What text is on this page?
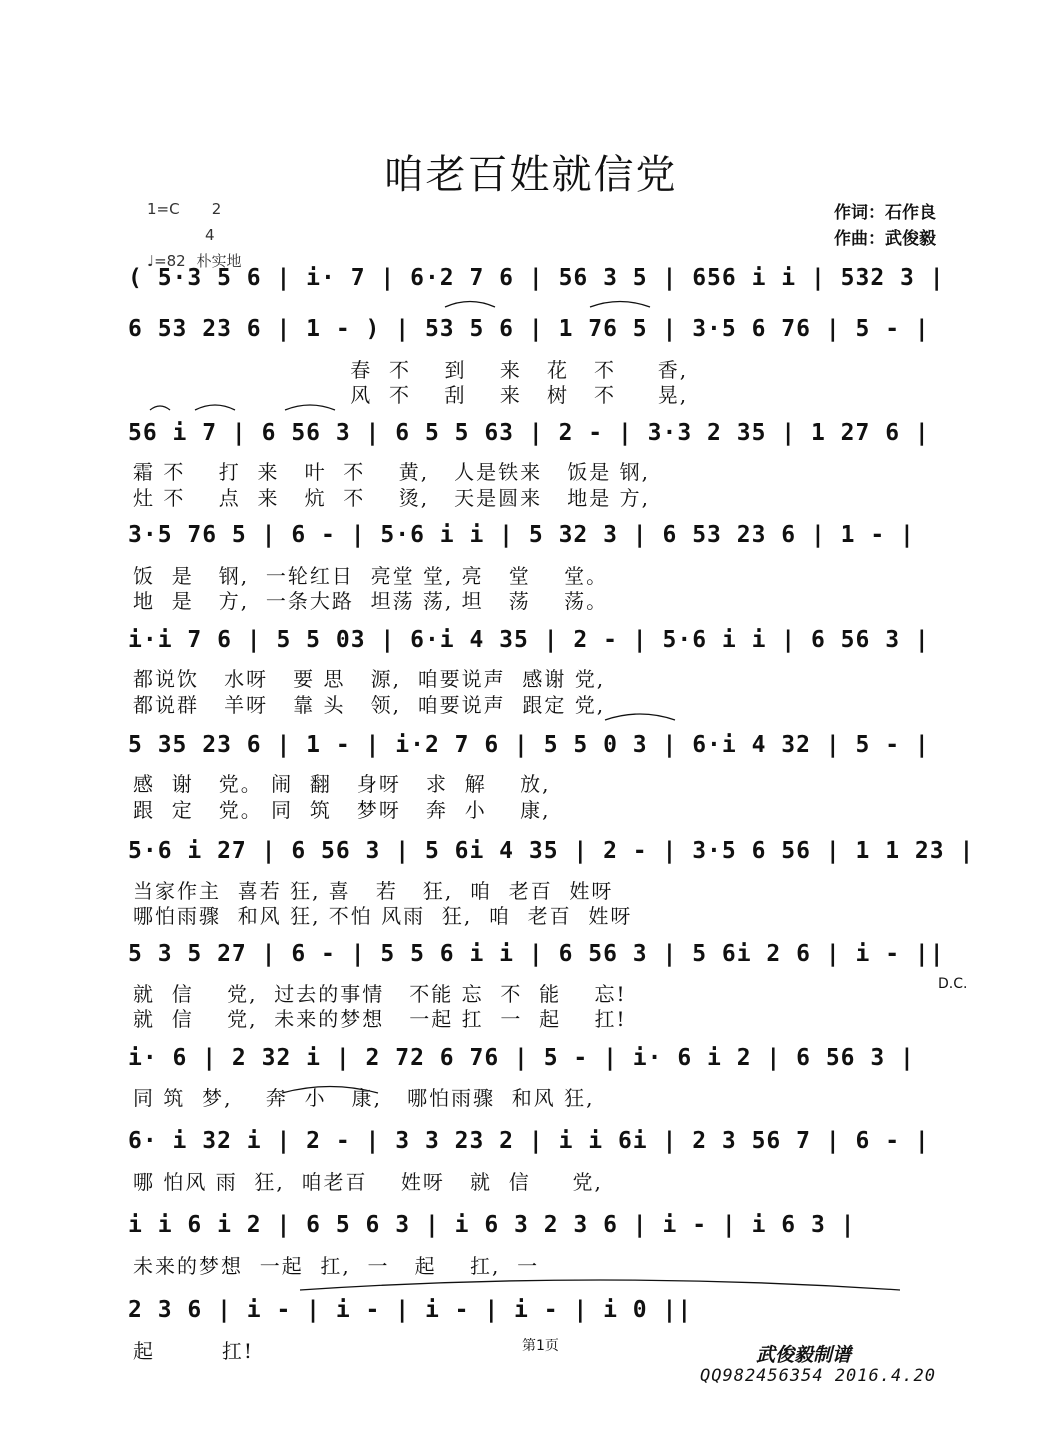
咱老百姓就信党
1=C 2
4
♩=82 朴实地
作词：石作良
作曲：武俊毅
( 5·3 5 6 | i· 7 | 6·2 7 6 | 56 3 5 | 656 i i | 532 3 |
6 53 23 6 | 1 - ) | 53 5 6 | 1 76 5 | 3·5 6 76 | 5 - |
春  不    到    来   花   不     香,
风  不    刮    来   树   不     晃,
56 i 7 | 6 56 3 | 6 5 5 63 | 2 - | 3·3 2 35 | 1 27 6 |
霜 不    打  来   叶  不    黄,   人是铁来   饭是 钢,
灶 不    点  来   炕  不    烫,   天是圆来   地是 方,
3·5 76 5 | 6 - | 5·6 i i | 5 32 3 | 6 53 23 6 | 1 - |
饭  是   钢,  一轮红日  亮堂 堂, 亮   堂    堂。
地  是   方,  一条大路  坦荡 荡, 坦   荡    荡。
i·i 7 6 | 5 5 03 | 6·i 4 35 | 2 - | 5·6 i i | 6 56 3 |
都说饮   水呀   要 思   源,  咱要说声  感谢 党,
都说群   羊呀   靠 头   领,  咱要说声  跟定 党,
5 35 23 6 | 1 - | i·2 7 6 | 5 5 0 3 | 6·i 4 32 | 5 - |
感  谢   党。 闹  翻   身呀   求  解    放,
跟  定   党。 同  筑   梦呀   奔  小    康,
5·6 i 27 | 6 56 3 | 5 6i 4 35 | 2 - | 3·5 6 56 | 1 1 23 |
当家作主  喜若 狂, 喜   若   狂,  咱  老百  姓呀
哪怕雨骤  和风 狂, 不怕 风雨  狂,  咱  老百  姓呀
5 3 5 27 | 6 - | 5 5 6 i i | 6 56 3 | 5 6i 2 6 | i - ||
就  信    党,  过去的事情   不能 忘  不  能    忘!
就  信    党,  未来的梦想   一起 扛  一  起    扛!
D.C.
i· 6 | 2 32 i | 2 72 6 76 | 5 - | i· 6 i 2 | 6 56 3 |
同 筑  梦,    奔  小   康,   哪怕雨骤  和风 狂,
6· i 32 i | 2 - | 3 3 23 2 | i i 6i | 2 3 56 7 | 6 - |
哪 怕风 雨  狂,  咱老百    姓呀   就  信     党,
i i 6 i 2 | 6 5 6 3 | i 6 3 2 3 6 | i - | i 6 3 |
未来的梦想  一起  扛,  一   起    扛,  一
2 3 6 | i - | i - | i - | i - | i 0 ||
起        扛!	第1页	武俊毅制谱
QQ982456354 2016.4.20
